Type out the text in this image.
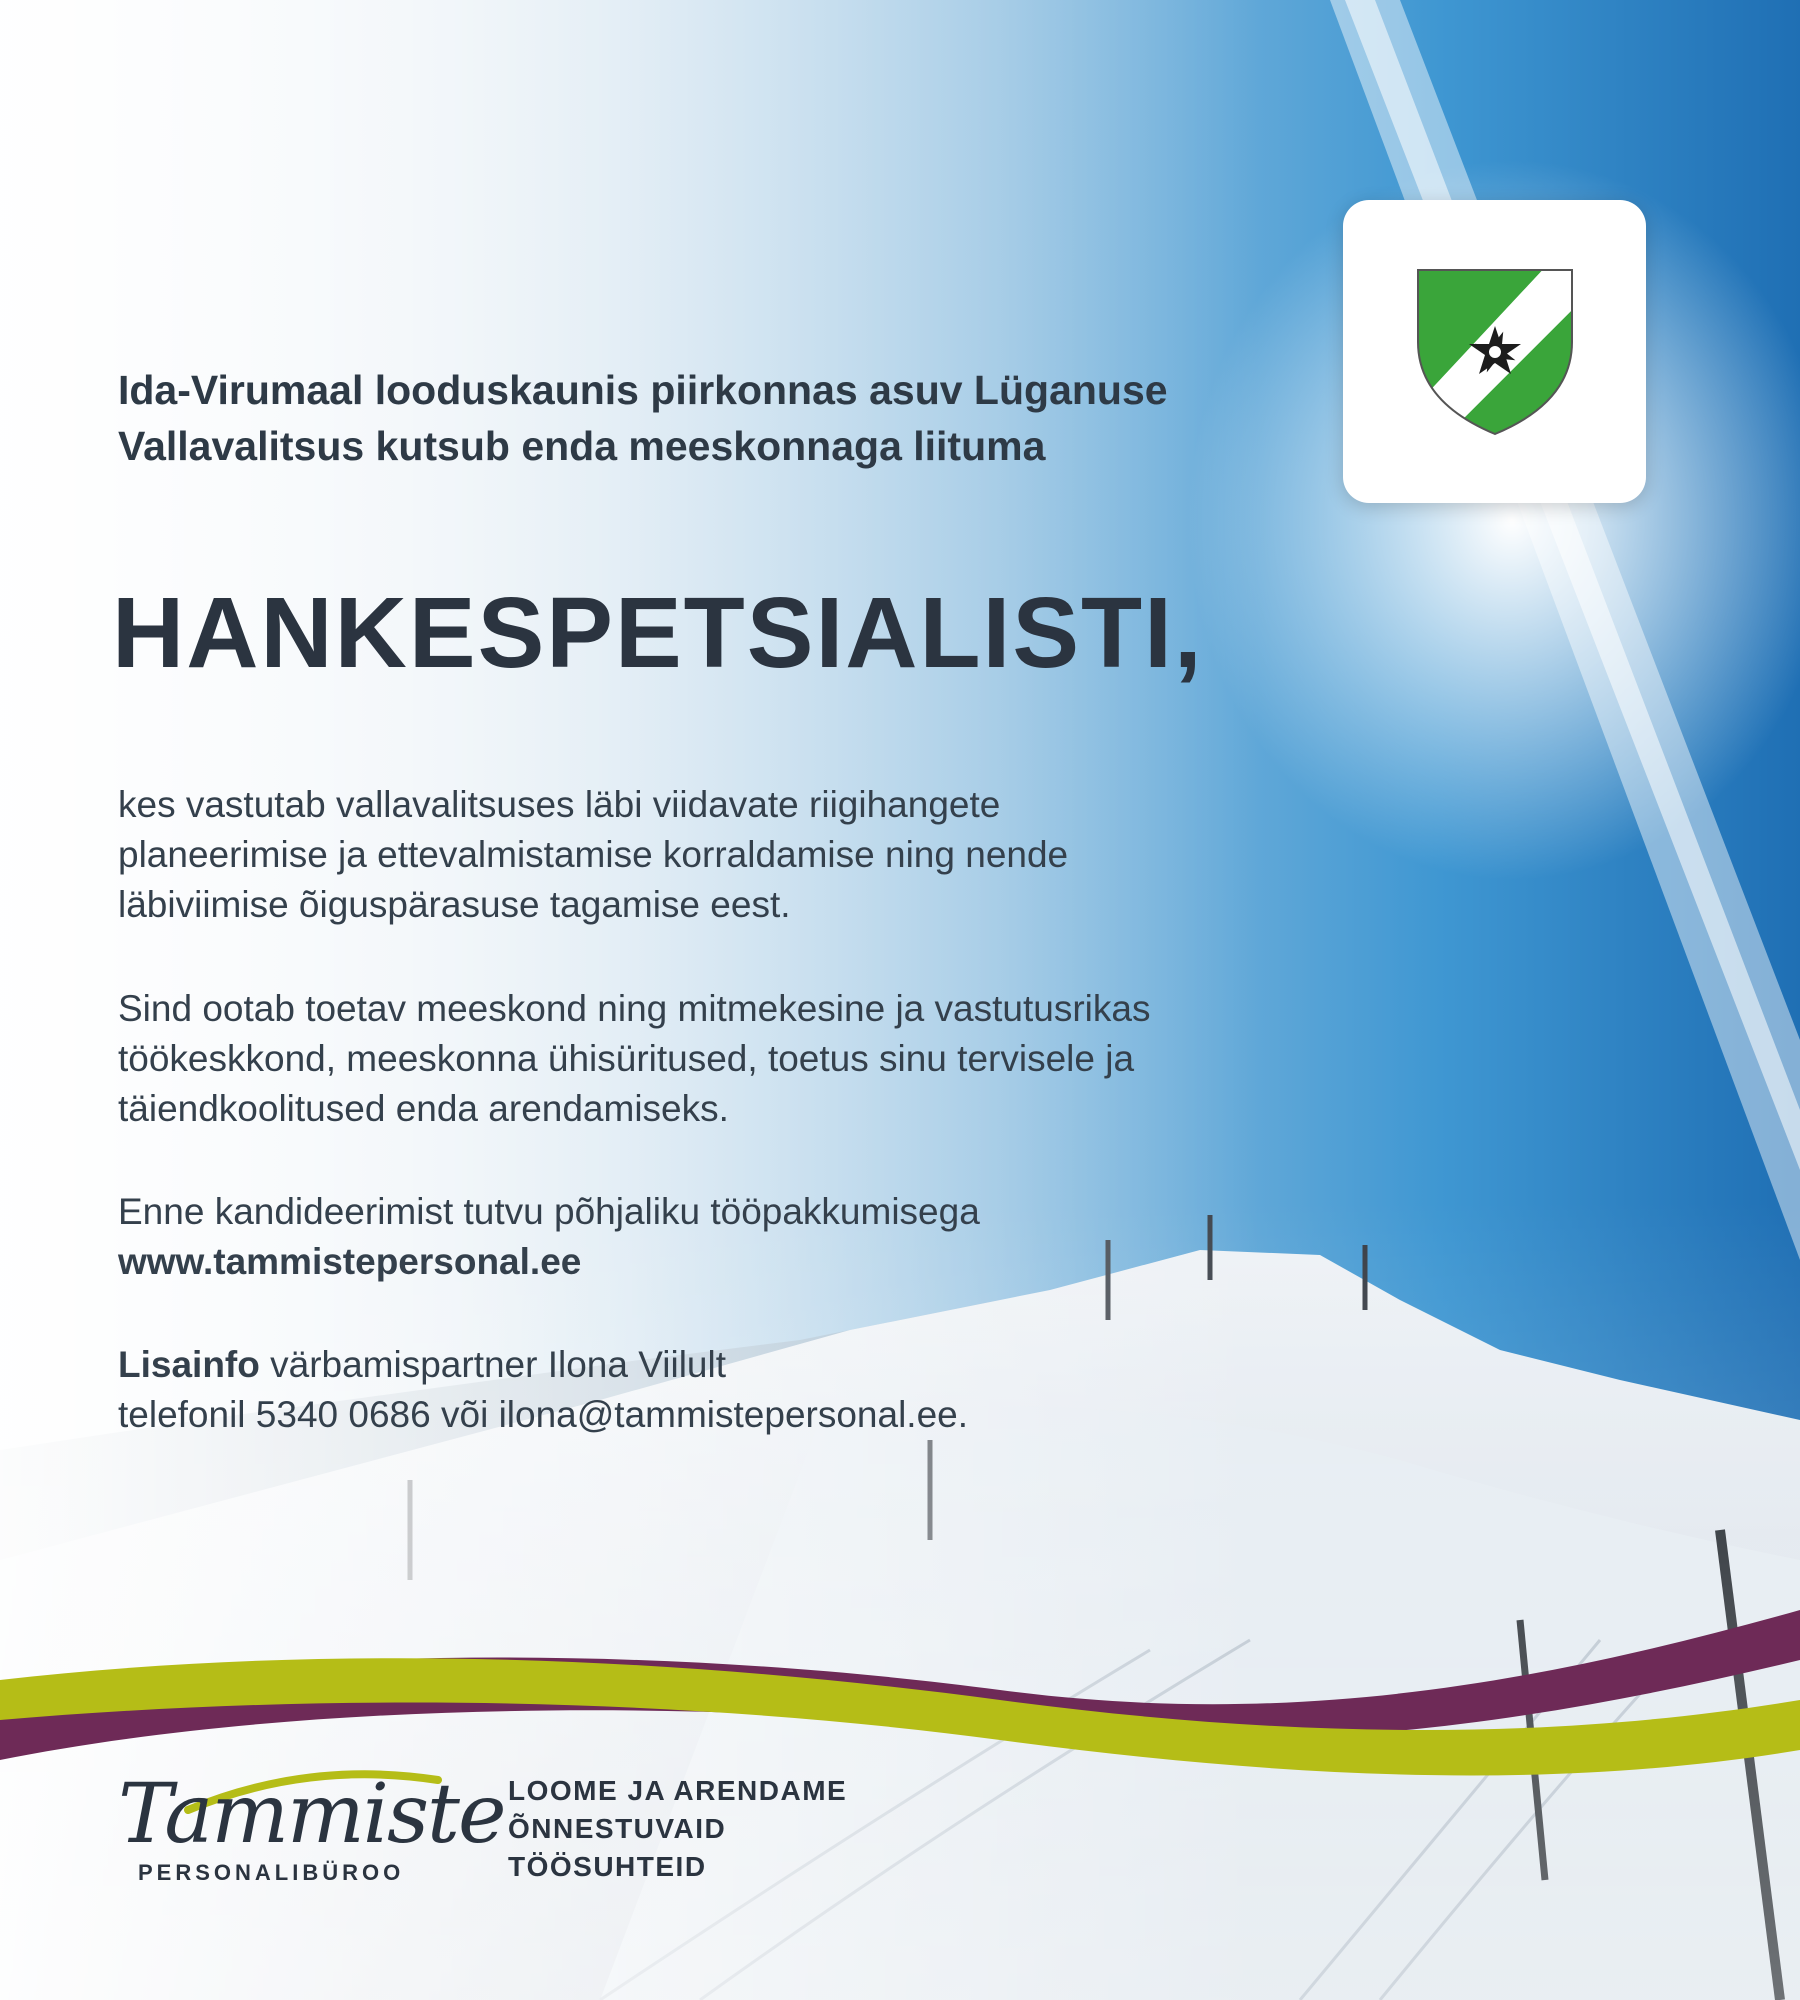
Ida-Virumaal looduskaunis piirkonnas asuv Lüganuse
Vallavalitsus kutsub enda meeskonnaga liituma
HANKESPETSIALISTI,
kes vastutab vallavalitsuses läbi viidavate riigihangete
planeerimise ja ettevalmistamise korraldamise ning nende
läbiviimise õiguspärasuse tagamise eest.
Sind ootab toetav meeskond ning mitmekesine ja vastutusrikas
töökeskkond, meeskonna ühisüritused, toetus sinu tervisele ja
täiendkoolitused enda arendamiseks.
Enne kandideerimist tutvu põhjaliku tööpakkumisega
www.tammistepersonal.ee
Lisainfo värbamispartner Ilona Viilult
telefonil 5340 0686 või ilona@tammistepersonal.ee.
Tammiste
PERSONALIBÜROO
LOOME JA ARENDAME
ÕNNESTUVAID
TÖÖSUHTEID
